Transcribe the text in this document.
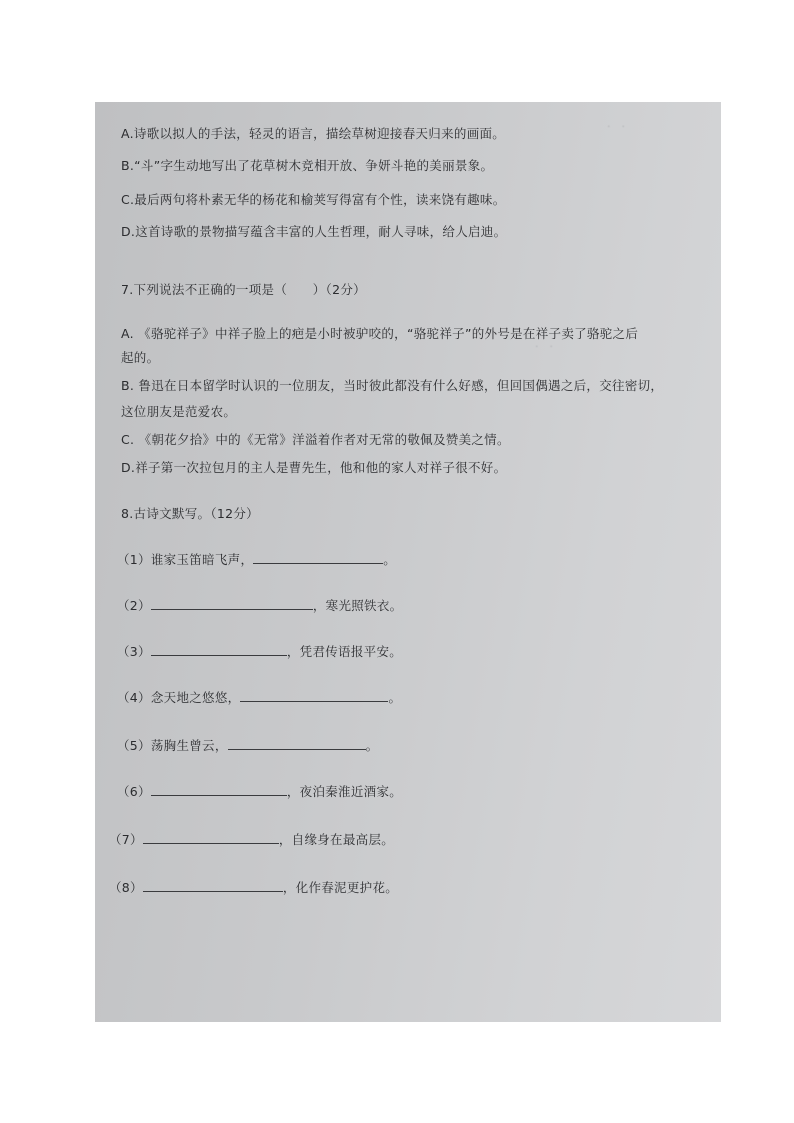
·　·
·　·
A.诗歌以拟人的手法，轻灵的语言，描绘草树迎接春天归来的画面。
B.“斗”字生动地写出了花草树木竞相开放、争妍斗艳的美丽景象。
C.最后两句将朴素无华的杨花和榆荚写得富有个性，读来饶有趣味。
D.这首诗歌的景物描写蕴含丰富的人生哲理，耐人寻味，给人启迪。
7.下列说法不正确的一项是（　　）（2分）
A. 《骆驼祥子》中祥子脸上的疤是小时被驴咬的，“骆驼祥子”的外号是在祥子卖了骆驼之后
起的。
B. 鲁迅在日本留学时认识的一位朋友，当时彼此都没有什么好感，但回国偶遇之后，交往密切，
这位朋友是范爱农。
C. 《朝花夕拾》中的《无常》洋溢着作者对无常的敬佩及赞美之情。
D.祥子第一次拉包月的主人是曹先生，他和他的家人对祥子很不好。
8.古诗文默写。（12分）
（1）谁家玉笛暗飞声，	。
（2）	，寒光照铁衣。
（3）	，凭君传语报平安。
（4）念天地之悠悠，	。
（5）荡胸生曾云，	。
（6）	，夜泊秦淮近酒家。
（7）	，自缘身在最高层。
（8）	，化作春泥更护花。
